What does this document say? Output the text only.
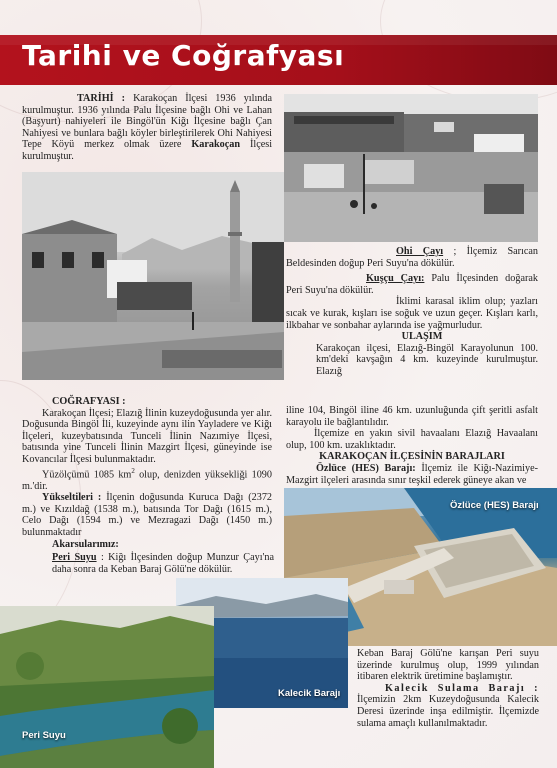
Tarihi ve Coğrafyası

TARİHİ : Karakoçan İlçesi 1936 yılında kurulmuştur. 1936 yılında Palu İlçesine bağlı Ohi ve Lahan (Başyurt) nahiyeleri ile Bingöl'ün Kiğı İlçesine bağlı Çan Nahiyesi ve bunlara bağlı köyler birleştirilerek Ohi Nahiyesi Tepe Köyü merkez olmak üzere Karakoçan İlçesi kurulmuştur.

Ohi Çayı ; İlçemiz Sarıcan Beldesinden doğup Peri Suyu'na dökülür.

Kuşçu Çayı: Palu İlçesinden doğarak Peri Suyu'na dökülür.

İklimi karasal iklim olup; yazları sıcak ve kurak, kışları ise soğuk ve uzun geçer. Kışları karlı, ilkbahar ve sonbahar aylarında ise yağmurludur.

ULAŞIM

Karakoçan ilçesi, Elazığ-Bingöl Karayolunun 100. km'deki kavşağın 4 km. kuzeyinde kurulmuştur. Elazığ

iline 104, Bingöl iline 46 km. uzunluğunda çift şeritli asfalt karayolu ile bağlantılıdır.

İlçemize en yakın sivil havaalanı Elazığ Havaalanı olup, 100 km. uzaklıktadır.

KARAKOÇAN İLÇESİNİN BARAJLARI

Özlüce (HES) Barajı: İlçemiz ile Kiğı-Nazimiye-Mazgirt ilçeleri arasında sınır teşkil ederek güneye akan ve

COĞRAFYASI :

Karakoçan İlçesi; Elazığ İlinin kuzeydoğusunda yer alır. Doğusunda Bingöl İli, kuzeyinde aynı ilin Yayladere ve Kiğı İlçeleri, kuzeybatısında Tunceli İlinin Nazımiye İlçesi, batısında yine Tunceli İlinin Mazgirt İlçesi, güneyinde ise Kovancılar İlçesi bulunmaktadır.

Yüzölçümü 1085 $km^2$ olup, denizden yüksekliği 1090 m.'dir.

Yükseltileri : İlçenin doğusunda Kuruca Dağı (2372 m.) ve Kızıldağ (1538 m.), batısında Tor Dağı (1615 m.), Celo Dağı (1594 m.) ve Mezragazi Dağı (1450 m.) bulunmaktadır

Akarsularımız:

Peri Suyu : Kiğı İlçesinden doğup Munzur Çayı'na daha sonra da Keban Baraj Gölü'ne dökülür.

Özlüce (HES) Barajı
Kalecik Barajı
Peri Suyu

Keban Baraj Gölü'ne karışan Peri suyu üzerinde kurulmuş olup, 1999 yılından itibaren elektrik üretimine başlamıştır.

Kalecik Sulama Barajı : İlçemizin 2km Kuzeydoğusunda Kalecik Deresi üzerinde inşa edilmiştir. İlçemizde sulama amaçlı kullanılmaktadır.
